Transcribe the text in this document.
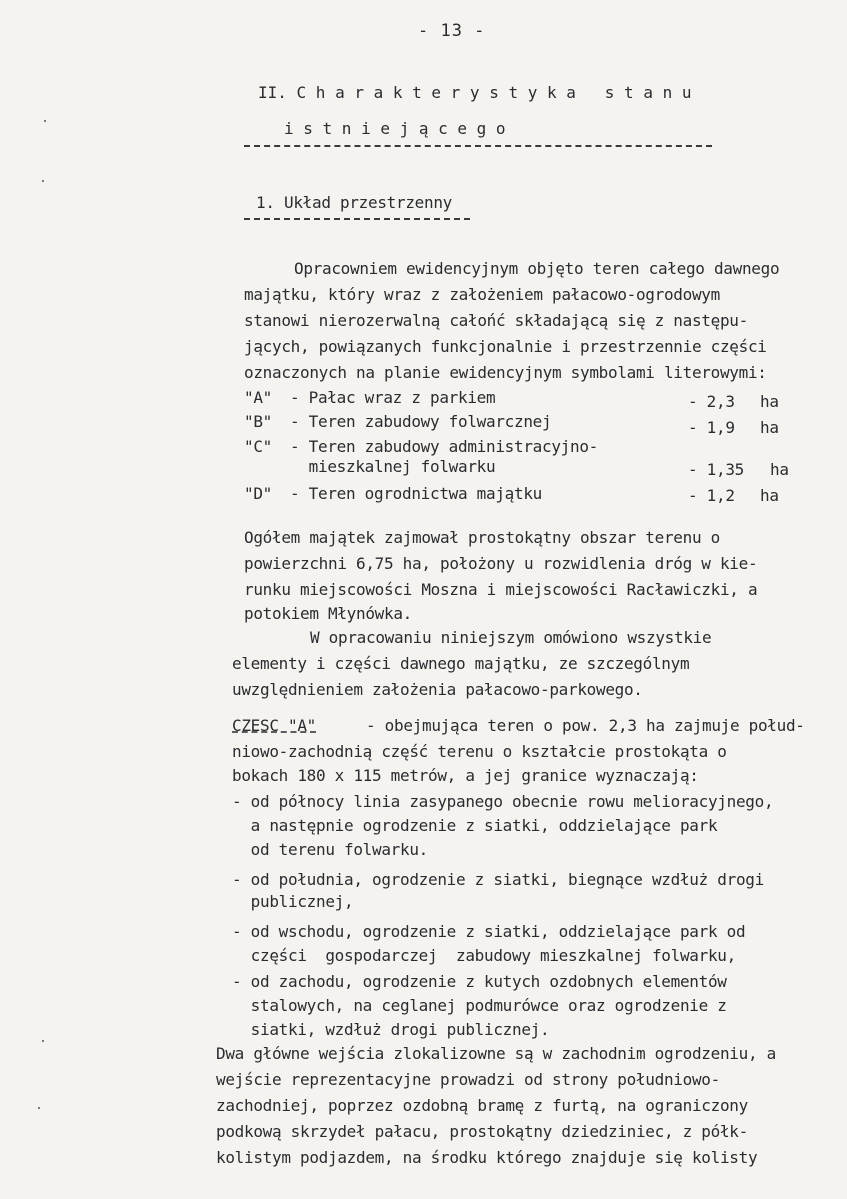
- 13 -
II. C h a r a k t e r y s t y k a   s t a n u
i s t n i e j ą c e g o
1. Układ przestrzenny
Opracowniem ewidencyjnym objęto teren całego dawnego
majątku, który wraz z założeniem pałacowo-ogrodowym
stanowi nierozerwalną całońć składającą się z następu-
jących, powiązanych funkcjonalnie i przestrzennie części
oznaczonych na planie ewidencyjnym symbolami literowymi:
"A" - Pałac wraz z parkiem	- 2,3 ha
"B" - Teren zabudowy folwarcznej	- 1,9 ha
"C" - Teren zabudowy administracyjno-
mieszkalnej folwarku	- 1,35 ha
"D" - Teren ogrodnictwa majątku	- 1,2 ha
Ogółem majątek zajmował prostokątny obszar terenu o
powierzchni 6,75 ha, położony u rozwidlenia dróg w kie-
runku miejscowości Moszna i miejscowości Racławiczki, a
potokiem Młynówka.
W opracowaniu niniejszym omówiono wszystkie
elementy i części dawnego majątku, ze szczególnym
uwzględnieniem założenia pałacowo-parkowego.
CZESC "A"	- obejmująca teren o pow. 2,3 ha zajmuje połud-
niowo-zachodnią część terenu o kształcie prostokąta o
bokach 180 x 115 metrów, a jej granice wyznaczają:
- od północy linia zasypanego obecnie rowu melioracyjnego,
a następnie ogrodzenie z siatki, oddzielające park
od terenu folwarku.
- od południa, ogrodzenie z siatki, biegnące wzdłuż drogi
publicznej,
- od wschodu, ogrodzenie z siatki, oddzielające park od
części  gospodarczej  zabudowy mieszkalnej folwarku,
- od zachodu, ogrodzenie z kutych ozdobnych elementów
stalowych, na ceglanej podmurówce oraz ogrodzenie z
siatki, wzdłuż drogi publicznej.
Dwa główne wejścia zlokalizowne są w zachodnim ogrodzeniu, a
wejście reprezentacyjne prowadzi od strony południowo-
zachodniej, poprzez ozdobną bramę z furtą, na ograniczony
podkową skrzydeł pałacu, prostokątny dziedziniec, z półk-
kolistym podjazdem, na środku którego znajduje się kolisty
